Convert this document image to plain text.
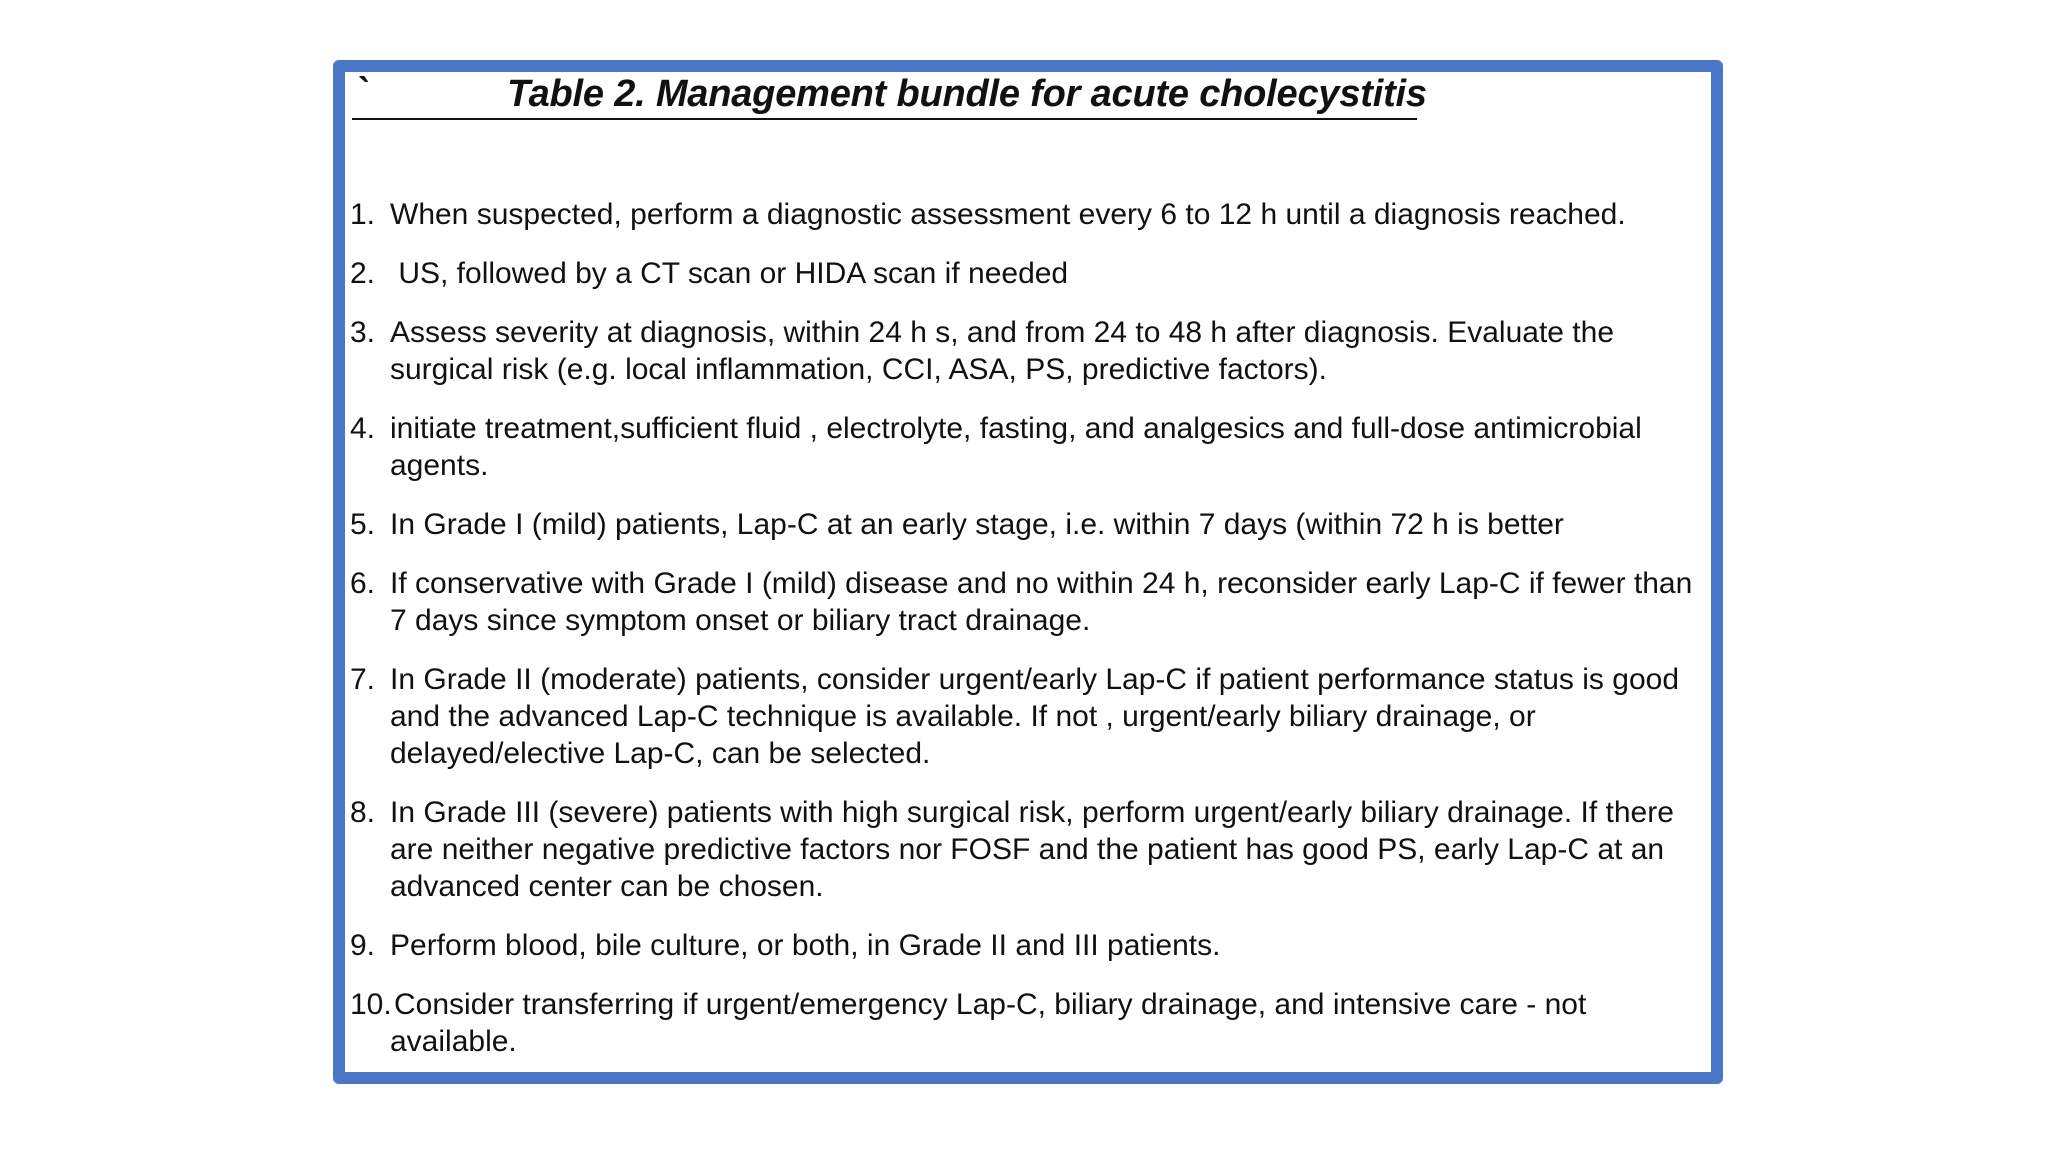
`	Table 2. Management bundle for acute cholecystitis
1. When suspected, perform a diagnostic assessment every 6 to 12 h until a diagnosis reached.
2. US, followed by a CT scan or HIDA scan if needed
3. Assess severity at diagnosis, within 24 h s, and from 24 to 48 h after diagnosis. Evaluate the surgical risk (e.g. local inflammation, CCI, ASA, PS, predictive factors).
4. initiate treatment,sufficient fluid , electrolyte, fasting, and analgesics and full-dose antimicrobial agents.
5. In Grade I (mild) patients, Lap-C at an early stage, i.e. within 7 days (within 72 h is better
6. If conservative with Grade I (mild) disease and no within 24 h, reconsider early Lap-C if fewer than 7 days since symptom onset or biliary tract drainage.
7. In Grade II (moderate) patients, consider urgent/early Lap-C if patient performance status is good and the advanced Lap-C technique is available. If not , urgent/early biliary drainage, or delayed/elective Lap-C, can be selected.
8. In Grade III (severe) patients with high surgical risk, perform urgent/early biliary drainage. If there are neither negative predictive factors nor FOSF and the patient has good PS, early Lap-C at an advanced center can be chosen.
9. Perform blood, bile culture, or both, in Grade II and III patients.
10. Consider transferring if urgent/emergency Lap-C, biliary drainage, and intensive care - not available.
